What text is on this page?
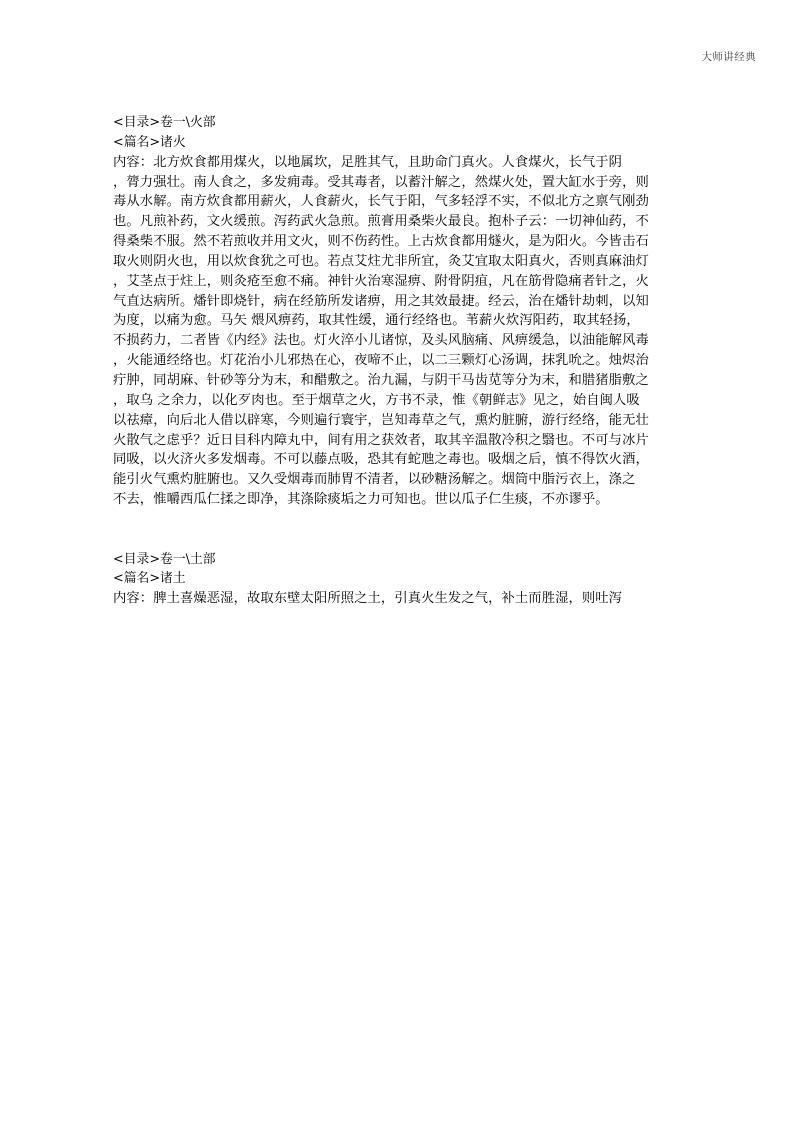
大师讲经典
<目录>卷一\火部
<篇名>诸火
内容：北方炊食都用煤火，以地属坎，足胜其气，且助命门真火。人食煤火，长气于阴
，膂力强壮。南人食之，多发痈毒。受其毒者，以蓄汁解之，然煤火处，置大缸水于旁，则
毒从水解。南方炊食都用薪火，人食薪火，长气于阳，气多轻浮不实，不似北方之禀气刚劲
也。凡煎补药，文火缓煎。泻药武火急煎。煎膏用桑柴火最良。抱朴子云：一切神仙药，不
得桑柴不服。然不若煎收并用文火，则不伤药性。上古炊食都用燧火，是为阳火。今皆击石
取火则阴火也，用以炊食犹之可也。若点艾炷尤非所宜，灸艾宜取太阳真火，否则真麻油灯
，艾茎点于炷上，则灸疮至愈不痛。神针火治寒湿痹、附骨阴疽，凡在筋骨隐痛者针之，火
气直达病所。燔针即烧针，病在经筋所发诸痹，用之其效最捷。经云，治在燔针劫刺，以知
为度，以痛为愈。马矢 煨风痹药，取其性缓，通行经络也。苇薪火炊泻阳药，取其轻扬，
不损药力，二者皆《内经》法也。灯火淬小儿诸惊，及头风脑痛、风痹缓急，以油能解风毒
，火能通经络也。灯花治小儿邪热在心，夜啼不止，以二三颗灯心汤调，抹乳吮之。烛烬治
疔肿，同胡麻、针砂等分为末，和醋敷之。治九漏，与阴干马齿苋等分为末，和腊猪脂敷之
，取乌 之余力，以化歹肉也。至于烟草之火，方书不录，惟《朝鲜志》见之，始自闽人吸
以祛瘴，向后北人借以辟寒，今则遍行寰宇，岂知毒草之气，熏灼脏腑，游行经络，能无壮
火散气之虑乎？近日目科内障丸中，间有用之获效者，取其辛温散冷积之翳也。不可与冰片
同吸，以火济火多发烟毒。不可以藤点吸，恐其有蛇虺之毒也。吸烟之后，慎不得饮火酒，
能引火气熏灼脏腑也。又久受烟毒而肺胃不清者，以砂糖汤解之。烟筒中脂污衣上，涤之
不去，惟嚼西瓜仁揉之即净，其涤除痰垢之力可知也。世以瓜子仁生痰，不亦谬乎。
<目录>卷一\土部
<篇名>诸土
内容：脾土喜燥恶湿，故取东壁太阳所照之土，引真火生发之气，补土而胜湿，则吐泻
